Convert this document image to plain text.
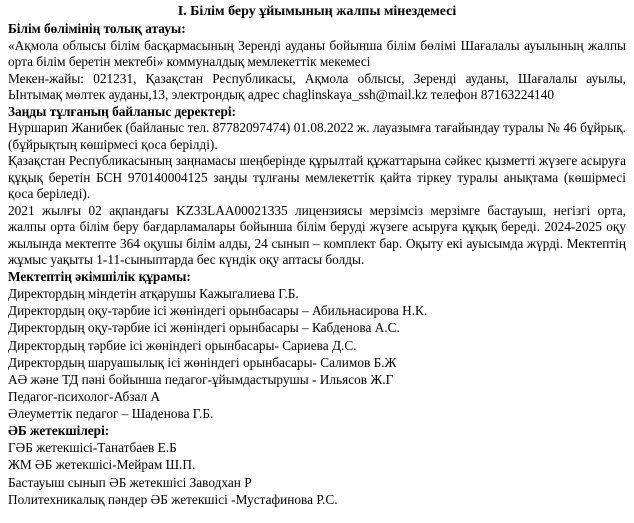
I. Білім беру ұйымының жалпы мінездемесі
Білім бөлімінің толық атауы:
«Ақмола облысы білім басқармасының Зеренді ауданы бойынша білім бөлімі Шағалалы ауылының жалпы орта білім беретін мектебі» коммуналдық мемлекеттік мекемесі
Мекен-жайы: 021231, Қазақстан Республикасы, Ақмола облысы, Зеренді ауданы, Шағалалы ауылы, Ынтымақ мөлтек ауданы,13, электрондық адрес chaglinskaya_ssh@mail.kz телефон 87163224140
Заңды тұлғаның байланыс деректері:
Нуршарип Жанибек (байланыс тел. 87782097474) 01.08.2022 ж. лауазымға тағайындау туралы № 46 бұйрық. (бұйрықтың көшірмесі қоса берілді).
Қазақстан Республикасының заңнамасы шеңберінде құрылтай құжаттарына сәйкес қызметті жүзеге асыруға құқық беретін БСН 970140004125 заңды тұлғаны мемлекеттік қайта тіркеу туралы анықтама (көшірмесі қоса беріледі).
2021 жылғы 02 ақпандағы KZ33LAA00021335 лицензиясы мерзімсіз мерзімге бастауыш, негізгі орта, жалпы орта білім беру бағдарламалары бойынша білім беруді жүзеге асыруға құқық береді. 2024-2025 оқу жылында мектепте 364 оқушы білім алды, 24 сынып – комплект бар. Оқыту екі ауысымда жүрді. Мектептің жұмыс уақыты 1-11-сыныптарда бес күндік оқу аптасы болды.
Мектептің әкімшілік құрамы:
Директордың міндетін атқарушы Кажыгалиева Г.Б.
Директордың оқу-тәрбие ісі жөніндегі орынбасары – Абильнасирова Н.К.
Директордың оқу-тәрбие ісі жөніндегі орынбасары – Кабденова А.С.
Директордың тәрбие ісі жөніндегі орынбасары- Сариева Д.С.
Директордың шаруашылық ісі жөніндегі орынбасары- Салимов Б.Ж
АӘ және ТД пәні бойынша педагог-ұйымдастырушы - Ильясов Ж.Г
Педагог-психолог-Абзал А
Әлеуметтік педагог – Шаденова Г.Б.
ӘБ жетекшілері:
ГӘБ жетекшісі-Танатбаев Е.Б
ЖМ ӘБ жетекшісі-Мейрам Ш.П.
Бастауыш сынып ӘБ жетекшісі Заводхан Р
Политехникалық пәндер ӘБ жетекшісі -Мустафинова Р.С.
